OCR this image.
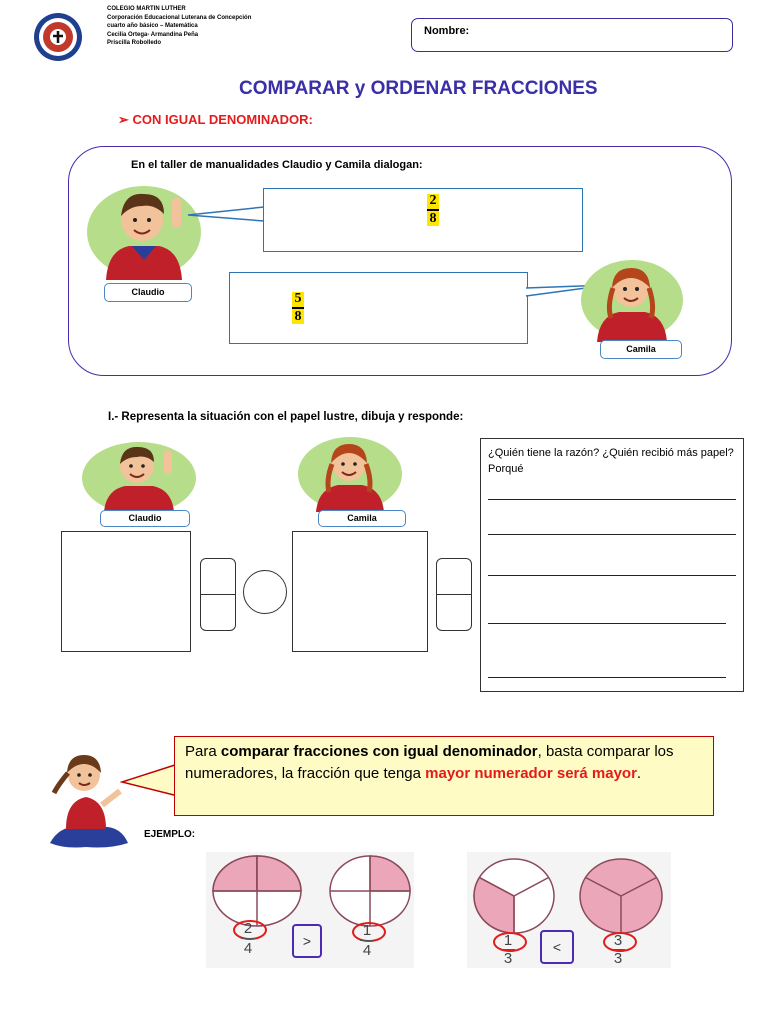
COLEGIO MARTIN LUTHER
Corporación Educacional Luterana de Concepción
cuarto año básico – Matemática
Cecilia Ortega- Armandina Peña
Priscilla Robolledo
Nombre:
COMPARAR y ORDENAR FRACCIONES
➢ CON IGUAL DENOMINADOR:
En el taller de manualidades Claudio y Camila dialogan:
Claudio
2
8
5
8
Camila
I.- Representa la situación con el papel lustre, dibuja y responde:
Claudio	Camila
¿Quién tiene la razón? ¿Quién recibió más papel? Porqué
Para comparar fracciones con igual denominador, basta comparar los numeradores, la fracción que tenga mayor numerador será mayor.
EJEMPLO:
2
4	>
1
4
1
3
<	3
3
